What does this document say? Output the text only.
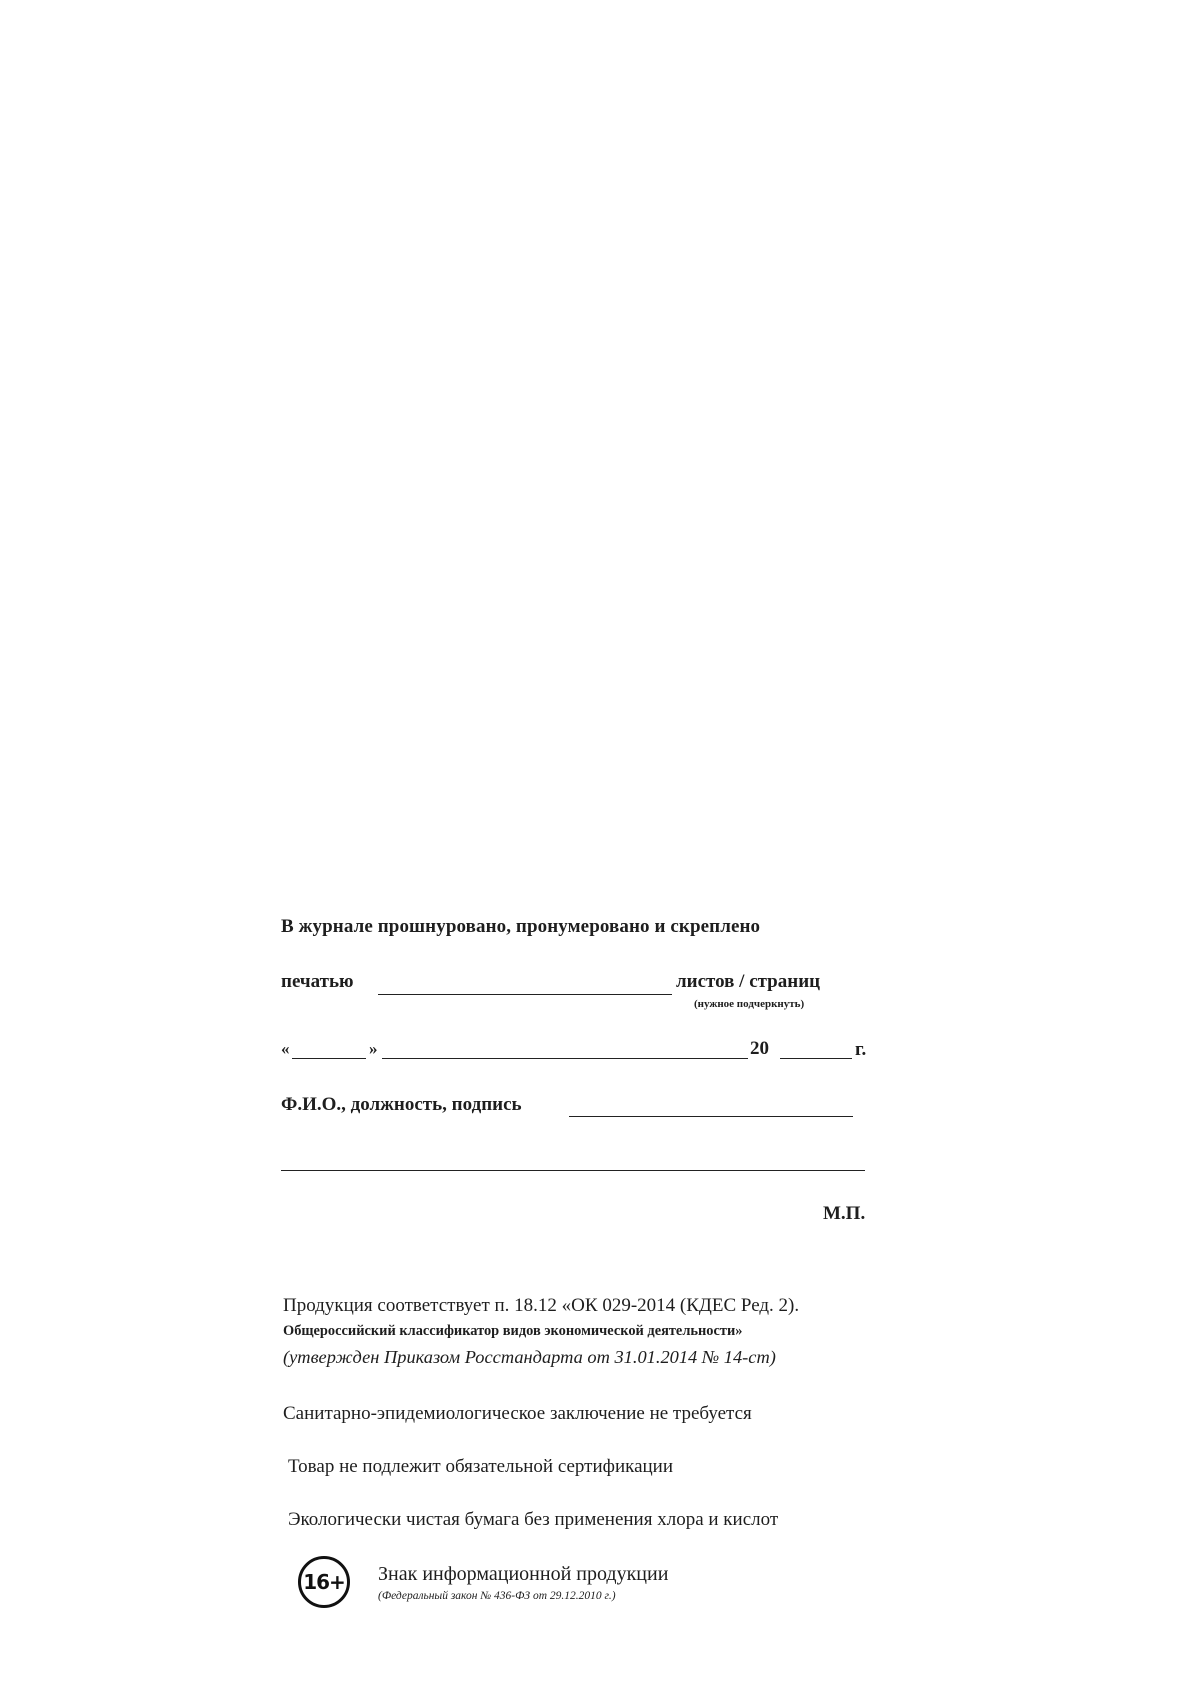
В журнале прошнуровано, пронумеровано и скреплено
печатью	листов / страниц
(нужное подчеркнуть)
«	»	20	г.
Ф.И.О., должность, подпись
М.П.
Продукция соответствует п. 18.12 «ОК 029-2014 (КДЕС Ред. 2).
Общероссийский классификатор видов экономической деятельности»
(утвержден Приказом Росстандарта от 31.01.2014 № 14-ст)
Санитарно-эпидемиологическое заключение не требуется
Товар не подлежит обязательной сертификации
Экологически чистая бумага без применения хлора и кислот
16+ Знак информационной продукции
(Федеральный закон № 436-ФЗ от 29.12.2010 г.)
